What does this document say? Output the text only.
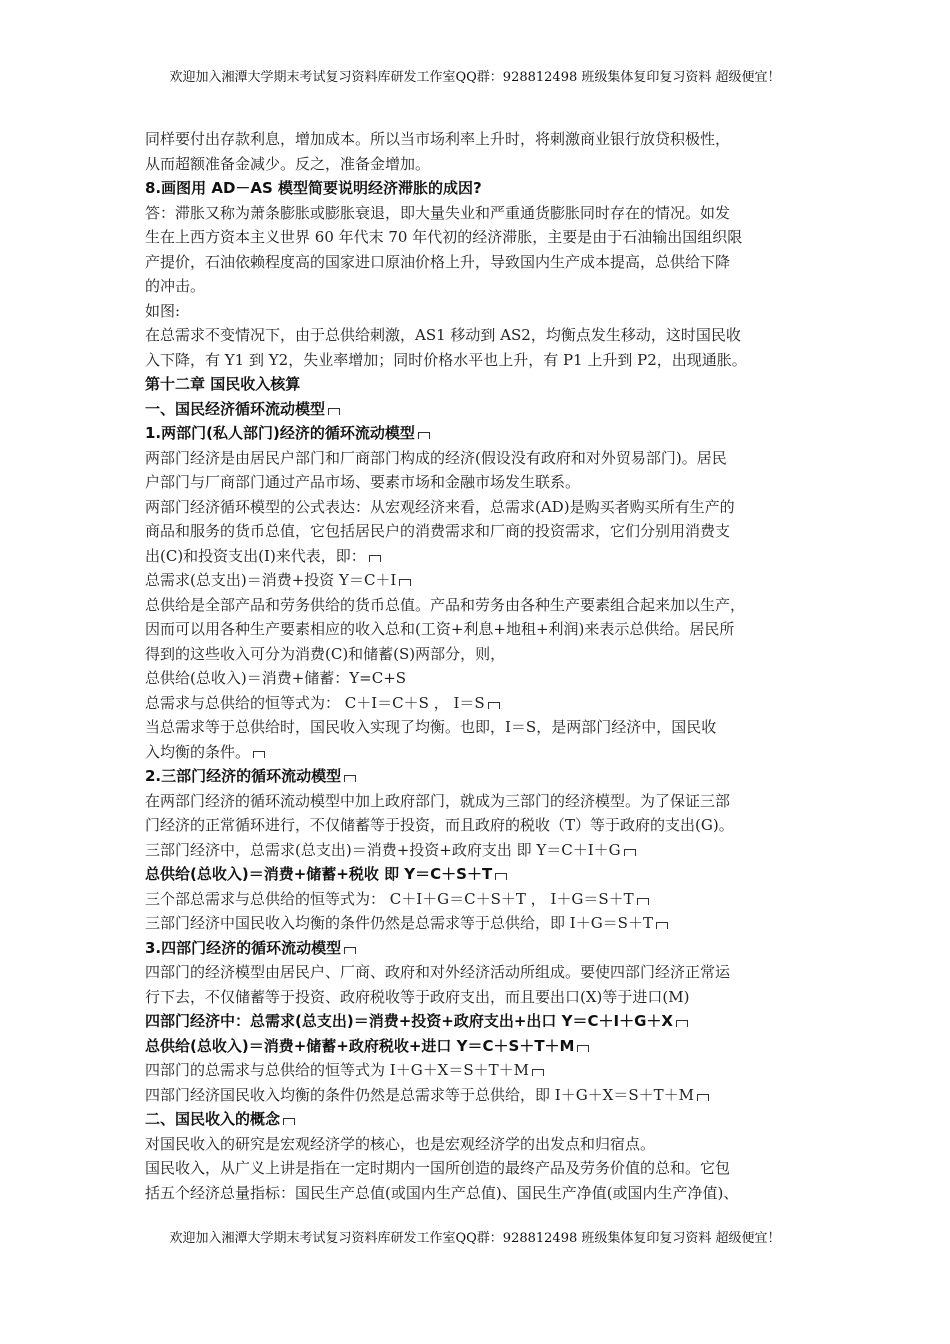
欢迎加入湘潭大学期末考试复习资料库研发工作室QQ群：928812498 班级集体复印复习资料 超级便宜！
同样要付出存款利息，增加成本。所以当市场利率上升时，将刺激商业银行放贷积极性，
从而超额准备金减少。反之，准备金增加。
8.画图用 AD－AS 模型简要说明经济滞胀的成因?
答：滞胀又称为萧条膨胀或膨胀衰退，即大量失业和严重通货膨胀同时存在的情况。如发
生在上西方资本主义世界 60 年代末 70 年代初的经济滞胀，主要是由于石油输出国组织限
产提价，石油依赖程度高的国家进口原油价格上升，导致国内生产成本提高，总供给下降
的冲击。
如图:
在总需求不变情况下，由于总供给刺激，AS1 移动到 AS2，均衡点发生移动，这时国民收
入下降，有 Y1 到 Y2，失业率增加；同时价格水平也上升，有 P1 上升到 P2，出现通胀。
第十二章 国民收入核算
一、国民经济循环流动模型
1.两部门(私人部门)经济的循环流动模型
两部门经济是由居民户部门和厂商部门构成的经济(假设没有政府和对外贸易部门)。居民
户部门与厂商部门通过产品市场、要素市场和金融市场发生联系。
两部门经济循环模型的公式表达：从宏观经济来看，总需求(AD)是购买者购买所有生产的
商品和服务的货币总值，它包括居民户的消费需求和厂商的投资需求，它们分别用消费支
出(C)和投资支出(I)来代表，即：
总需求(总支出)＝消费+投资 Y＝C＋I
总供给是全部产品和劳务供给的货币总值。产品和劳务由各种生产要素组合起来加以生产，
因而可以用各种生产要素相应的收入总和(工资+利息+地租+利润)来表示总供给。居民所
得到的这些收入可分为消费(C)和储蓄(S)两部分，则，
总供给(总收入)＝消费+储蓄：Y=C+S
总需求与总供给的恒等式为： C＋I＝C＋S ， I＝S
当总需求等于总供给时，国民收入实现了均衡。也即，I＝S，是两部门经济中，国民收
入均衡的条件。
2.三部门经济的循环流动模型
在两部门经济的循环流动模型中加上政府部门，就成为三部门的经济模型。为了保证三部
门经济的正常循环进行，不仅储蓄等于投资，而且政府的税收（T）等于政府的支出(G)。
三部门经济中，总需求(总支出)＝消费+投资+政府支出 即 Y＝C＋I＋G
总供给(总收入)＝消费+储蓄+税收 即 Y＝C＋S＋T
三个部总需求与总供给的恒等式为： C＋I＋G＝C＋S＋T ， I＋G＝S＋T
三部门经济中国民收入均衡的条件仍然是总需求等于总供给，即 I＋G＝S＋T
3.四部门经济的循环流动模型
四部门的经济模型由居民户、厂商、政府和对外经济活动所组成。要使四部门经济正常运
行下去，不仅储蓄等于投资、政府税收等于政府支出，而且要出口(X)等于进口(M)
四部门经济中：总需求(总支出)＝消费+投资+政府支出+出口 Y＝C＋I＋G＋X
总供给(总收入)＝消费+储蓄+政府税收+进口 Y＝C＋S＋T＋M
四部门的总需求与总供给的恒等式为 I＋G＋X＝S＋T＋M
四部门经济国民收入均衡的条件仍然是总需求等于总供给，即 I＋G＋X＝S＋T＋M
二、国民收入的概念
对国民收入的研究是宏观经济学的核心，也是宏观经济学的出发点和归宿点。
国民收入，从广义上讲是指在一定时期内一国所创造的最终产品及劳务价值的总和。它包
括五个经济总量指标：国民生产总值(或国内生产总值)、国民生产净值(或国内生产净值)、
欢迎加入湘潭大学期末考试复习资料库研发工作室QQ群：928812498 班级集体复印复习资料 超级便宜！
